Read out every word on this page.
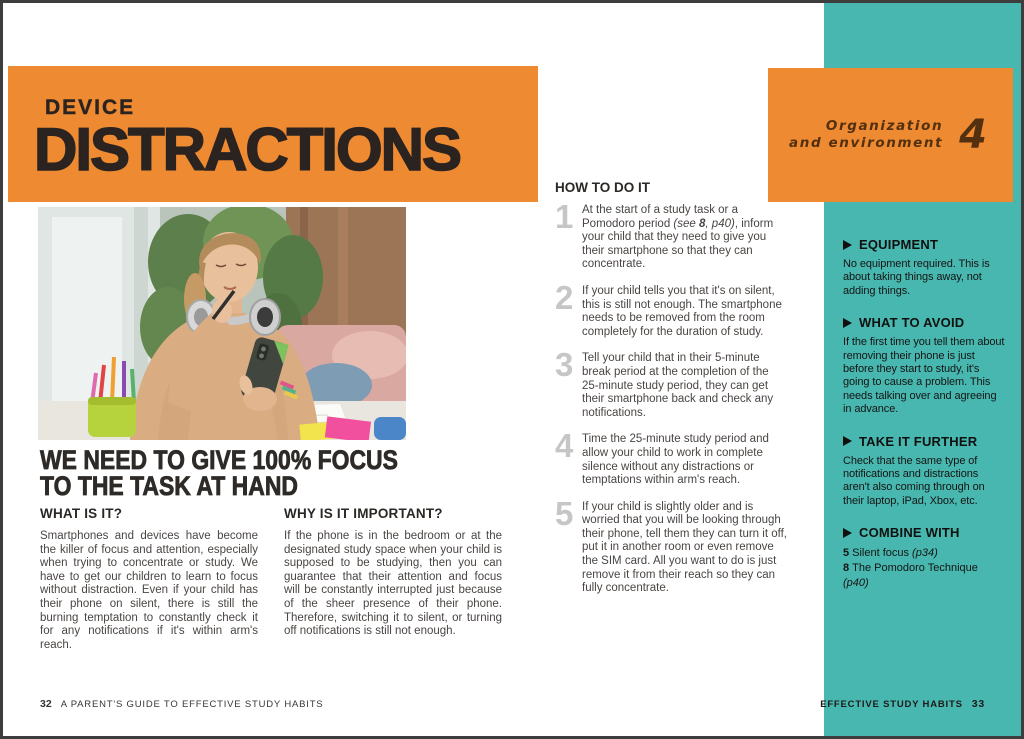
DEVICE
DISTRACTIONS	Organization
and environment 4
WE NEED TO GIVE 100% FOCUS
TO THE TASK AT HAND
WHAT IS IT?

Smartphones and devices have become the killer of focus and attention, especially when trying to concentrate or study. We have to get our children to learn to focus without distraction. Even if your child has their phone on silent, there is still the burning temptation to constantly check it for any notifications if it's within arm's reach.

WHY IS IT IMPORTANT?

If the phone is in the bedroom or at the designated study space when your child is supposed to be studying, then you can guarantee that their attention and focus will be constantly interrupted just because of the sheer presence of their phone. Therefore, switching it to silent, or turning off notifications is still not enough.

HOW TO DO IT
1 At the start of a study task or a Pomodoro period (see 8, p40), inform your child that they need to give you their smartphone so that they can concentrate.
2 If your child tells you that it's on silent, this is still not enough. The smartphone needs to be removed from the room completely for the duration of study.
3 Tell your child that in their 5-minute break period at the completion of the 25-minute study period, they can get their smartphone back and check any notifications.
4 Time the 25-minute study period and allow your child to work in complete silence without any distractions or temptations within arm's reach.
5 If your child is slightly older and is worried that you will be looking through their phone, tell them they can turn it off, put it in another room or even remove the SIM card. All you want to do is just remove it from their reach so they can fully concentrate.
EQUIPMENT
No equipment required. This is about taking things away, not adding things.
WHAT TO AVOID
If the first time you tell them about removing their phone is just before they start to study, it's going to cause a problem. This needs talking over and agreeing in advance.
TAKE IT FURTHER
Check that the same type of notifications and distractions aren't also coming through on their laptop, iPad, Xbox, etc.
COMBINE WITH
5 Silent focus (p34)
8 The Pomodoro Technique (p40)
32 A PARENT'S GUIDE TO EFFECTIVE STUDY HABITS	EFFECTIVE STUDY HABITS 33
